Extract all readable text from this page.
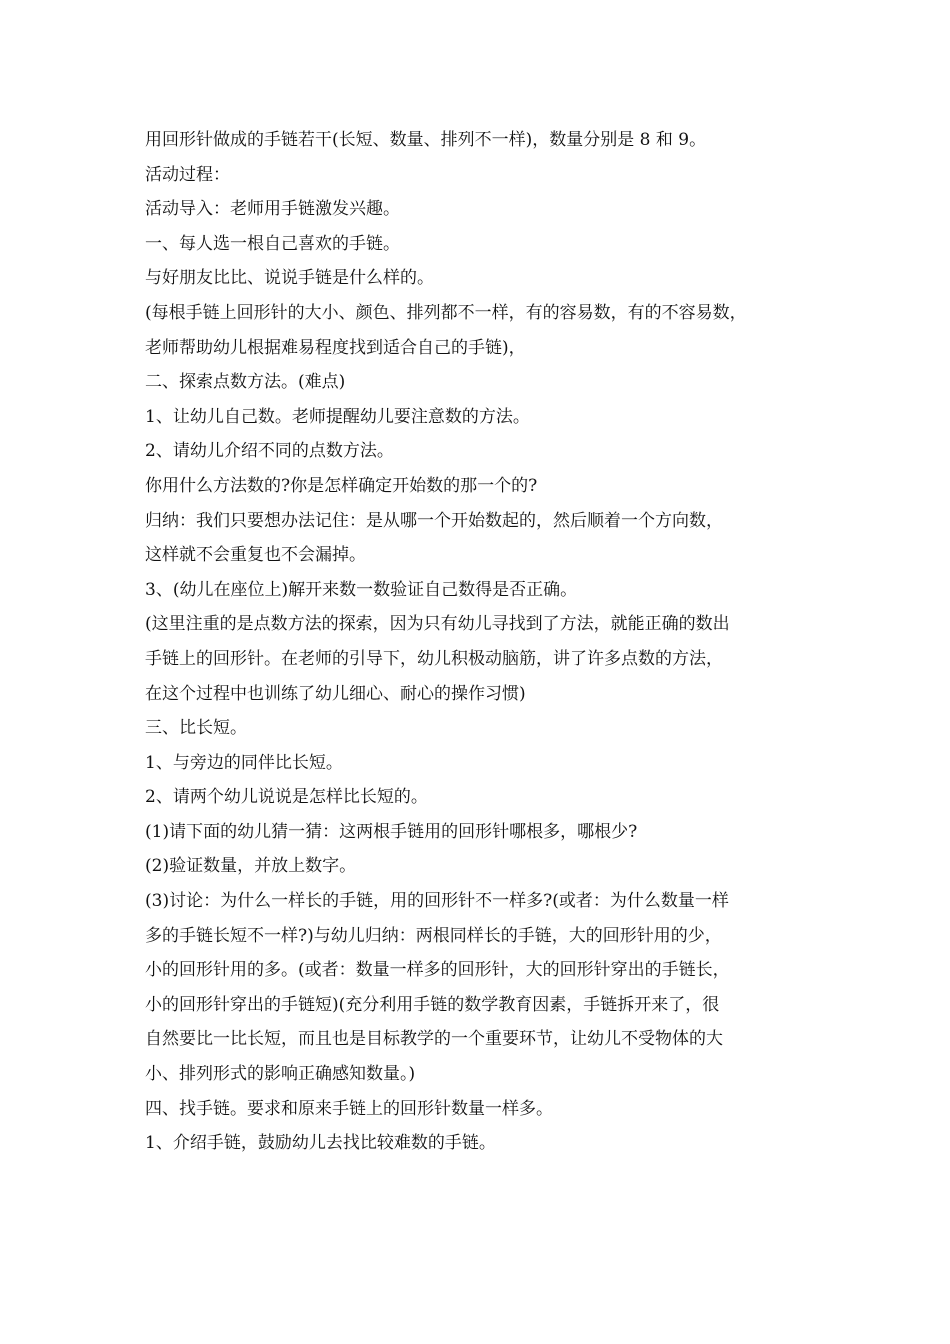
用回形针做成的手链若干(长短、数量、排列不一样)，数量分别是 8 和 9。
活动过程：
活动导入：老师用手链激发兴趣。
一、每人选一根自己喜欢的手链。
与好朋友比比、说说手链是什么样的。
(每根手链上回形针的大小、颜色、排列都不一样，有的容易数，有的不容易数，
老师帮助幼儿根据难易程度找到适合自己的手链)，
二、探索点数方法。(难点)
1、让幼儿自己数。老师提醒幼儿要注意数的方法。
2、请幼儿介绍不同的点数方法。
你用什么方法数的?你是怎样确定开始数的那一个的?
归纳：我们只要想办法记住：是从哪一个开始数起的，然后顺着一个方向数，
这样就不会重复也不会漏掉。
3、(幼儿在座位上)解开来数一数验证自己数得是否正确。
(这里注重的是点数方法的探索，因为只有幼儿寻找到了方法，就能正确的数出
手链上的回形针。在老师的引导下，幼儿积极动脑筋，讲了许多点数的方法，
在这个过程中也训练了幼儿细心、耐心的操作习惯)
三、比长短。
1、与旁边的同伴比长短。
2、请两个幼儿说说是怎样比长短的。
(1)请下面的幼儿猜一猜：这两根手链用的回形针哪根多，哪根少?
(2)验证数量，并放上数字。
(3)讨论：为什么一样长的手链，用的回形针不一样多?(或者：为什么数量一样
多的手链长短不一样?)与幼儿归纳：两根同样长的手链，大的回形针用的少，
小的回形针用的多。(或者：数量一样多的回形针，大的回形针穿出的手链长，
小的回形针穿出的手链短)(充分利用手链的数学教育因素，手链拆开来了，很
自然要比一比长短，而且也是目标教学的一个重要环节，让幼儿不受物体的大
小、排列形式的影响正确感知数量。)
四、找手链。要求和原来手链上的回形针数量一样多。
1、介绍手链，鼓励幼儿去找比较难数的手链。
